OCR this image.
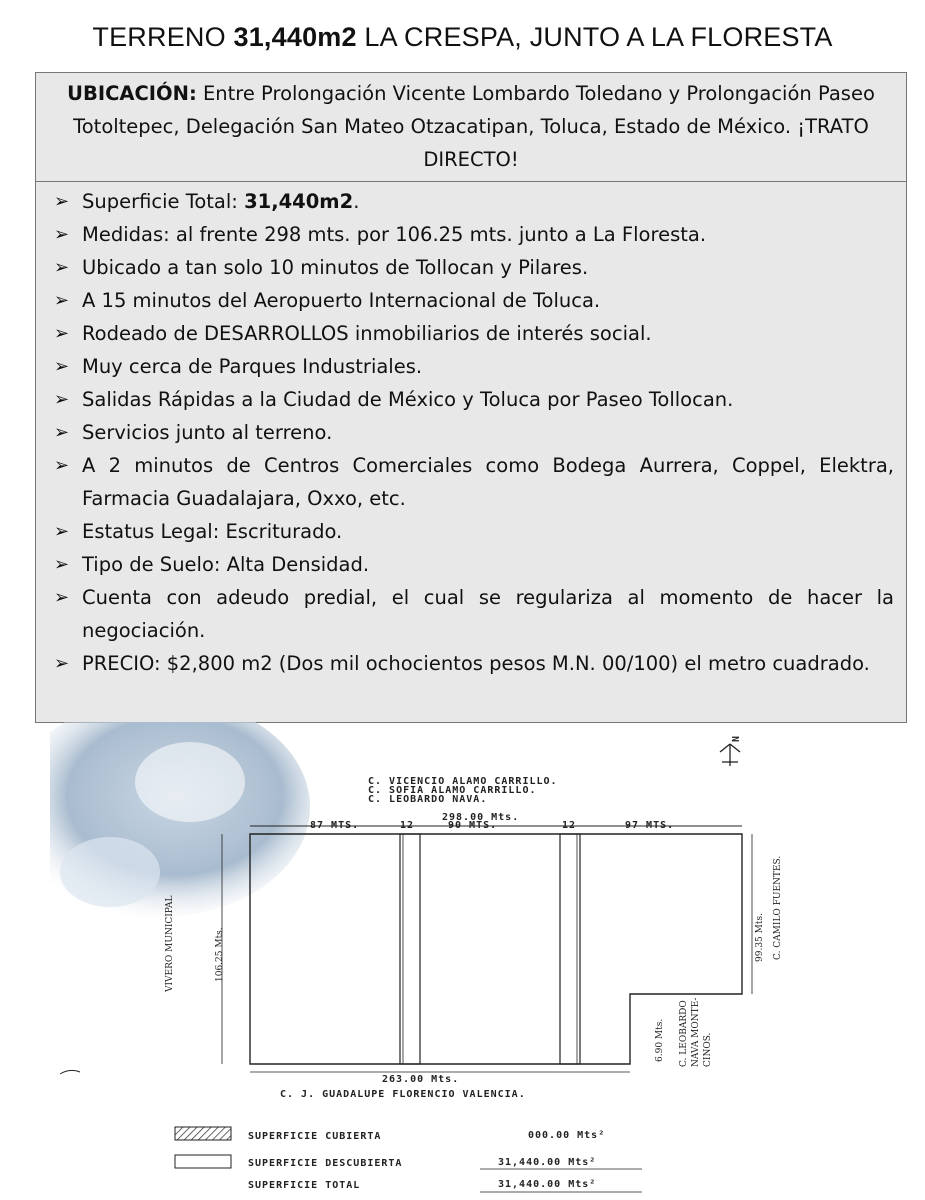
TERRENO 31,440m2 LA CRESPA, JUNTO A LA FLORESTA
UBICACIÓN: Entre Prolongación Vicente Lombardo Toledano y Prolongación Paseo Totoltepec, Delegación San Mateo Otzacatipan, Toluca, Estado de México. ¡TRATO DIRECTO!
➢ Superficie Total: 31,440m2.
➢ Medidas: al frente 298 mts. por 106.25 mts. junto a La Floresta.
➢ Ubicado a tan solo 10 minutos de Tollocan y Pilares.
➢ A 15 minutos del Aeropuerto Internacional de Toluca.
➢ Rodeado de DESARROLLOS inmobiliarios de interés social.
➢ Muy cerca de Parques Industriales.
➢ Salidas Rápidas a la Ciudad de México y Toluca por Paseo Tollocan.
➢ Servicios junto al terreno.
➢ A 2 minutos de Centros Comerciales como Bodega Aurrera, Coppel, Elektra, Farmacia Guadalajara, Oxxo, etc.
➢ Estatus Legal: Escriturado.
➢ Tipo de Suelo: Alta Densidad.
➢ Cuenta con adeudo predial, el cual se regulariza al momento de hacer la negociación.
➢ PRECIO: $2,800 m2 (Dos mil ochocientos pesos M.N. 00/100) el metro cuadrado.
N
C. VICENCIO ALAMO CARRILLO.
C. SOFIA ALAMO CARRILLO.
C. LEOBARDO NAVA.
87 MTS.	12
298.00 Mts.
90 MTS.	12	97 MTS.
VIVERO MUNICIPAL	106.25 Mts.	99.35 Mts. C. CAMILO FUENTES.
6.90 Mts. C. LEOBARDO NAVA MONTE- CINOS.
263.00 Mts.
C. J. GUADALUPE FLORENCIO VALENCIA.
SUPERFICIE CUBIERTA	000.00 Mts²
SUPERFICIE DESCUBIERTA	31,440.00 Mts²
SUPERFICIE TOTAL	31,440.00 Mts²
